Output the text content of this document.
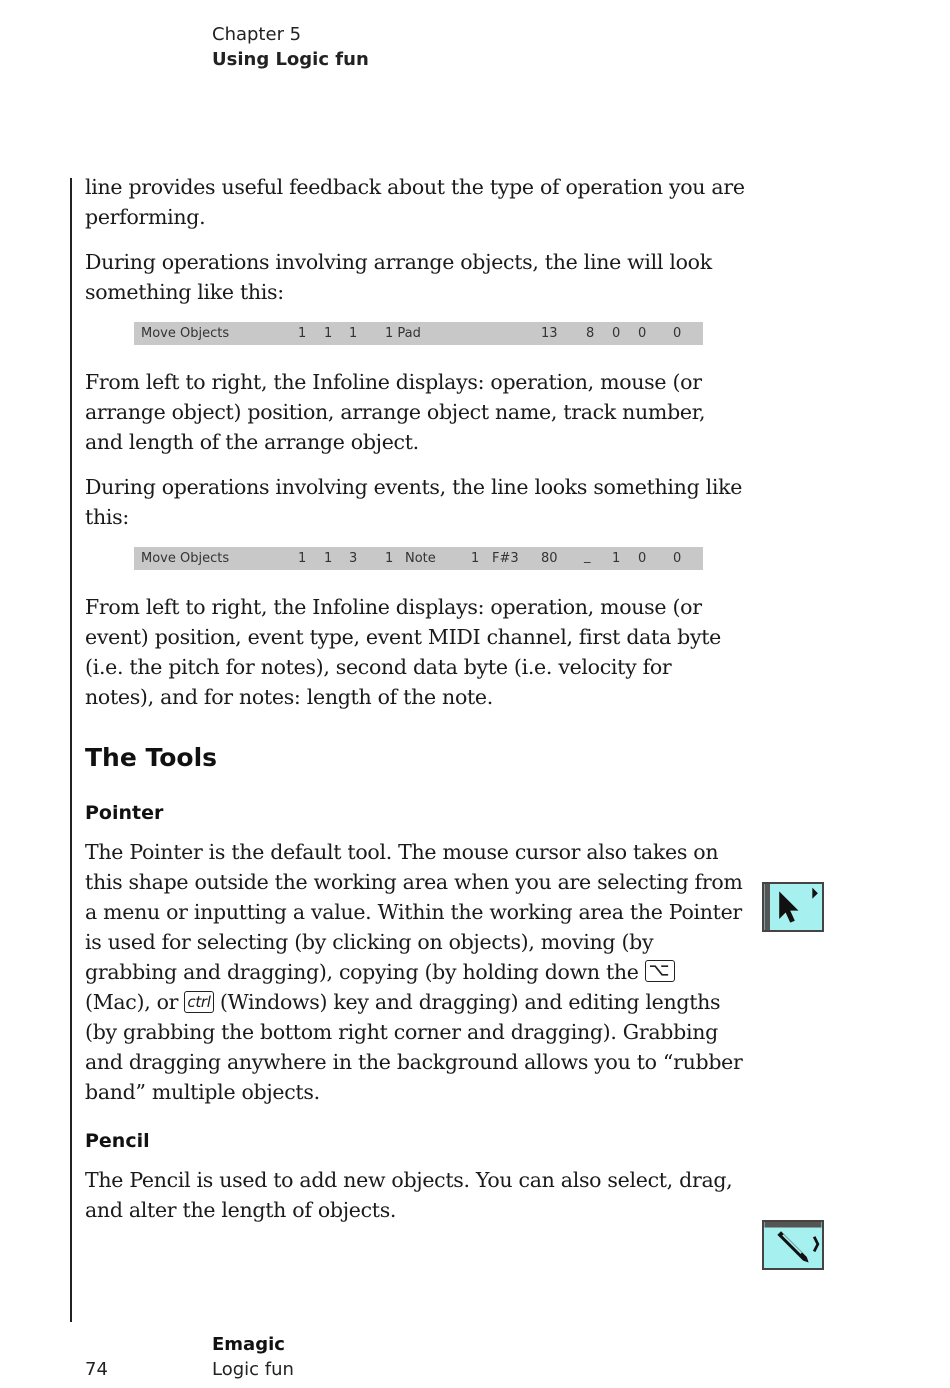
Chapter 5
Using Logic fun

line provides useful feedback about the type of operation you are performing.

During operations involving arrange objects, the line will look something like this:

Move Objects	1 1 1 1 Pad	13 8 0 0 0

From left to right, the Infoline displays: operation, mouse (or arrange object) position, arrange object name, track number, and length of the arrange object.

During operations involving events, the line looks something like this:

Move Objects	1 1 3 1 Note	1 F#3 80 _ 1 0 0

From left to right, the Infoline displays: operation, mouse (or event) position, event type, event MIDI channel, first data byte (i.e. the pitch for notes), second data byte (i.e. velocity for notes), and for notes: length of the note.

The Tools
Pointer

The Pointer is the default tool. The mouse cursor also takes on this shape outside the working area when you are selecting from a menu or inputting a value. Within the working area the Pointer is used for selecting (by clicking on objects), moving (by grabbing and dragging), copying (by holding down the
(Mac), or ctrl (Windows) key and dragging) and editing lengths (by grabbing the bottom right corner and dragging). Grabbing and dragging anywhere in the background allows you to “rubber band” multiple objects.

Pencil

The Pencil is used to add new objects. You can also select, drag, and alter the length of objects.

Emagic
74	Logic fun
